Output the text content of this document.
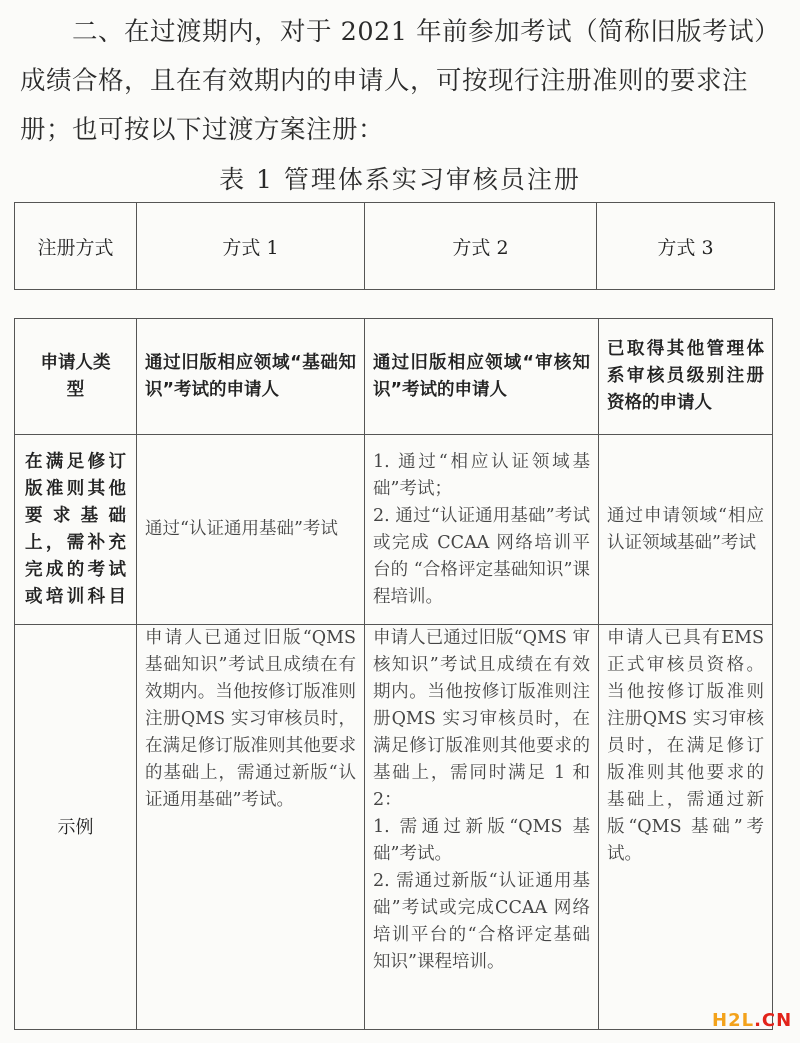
二、在过渡期内，对于 2021 年前参加考试（简称旧版考试）成绩合格，且在有效期内的申请人，可按现行注册准则的要求注册；也可按以下过渡方案注册：

表 1 管理体系实习审核员注册
注册方式	方式 1	方式 2	方式 3
申请人类型	通过旧版相应领域“基础知识”考试的申请人	通过旧版相应领域“审核知识”考试的申请人	已取得其他管理体系审核员级别注册资格的申请人
在满足修订版准则其他要求基础上，需补充完成的考试或培训科目	通过“认证通用基础”考试	1. 通过“相应认证领域基础”考试；
2. 通过“认证通用基础”考试或完成 CCAA 网络培训平台的 “合格评定基础知识”课程培训。	通过申请领域“相应认证领域基础”考试
示例	申请人已通过旧版“QMS 基础知识”考试且成绩在有效期内。当他按修订版准则注册QMS 实习审核员时，在满足修订版准则其他要求的基础上，需通过新版“认证通用基础”考试。	申请人已通过旧版“QMS 审核知识”考试且成绩在有效期内。当他按修订版准则注册QMS 实习审核员时，在满足修订版准则其他要求的基础上，需同时满足 1 和 2：
1. 需通过新版“QMS 基础”考试。
2. 需通过新版“认证通用基础”考试或完成CCAA 网络培训平台的“合格评定基础知识”课程培训。	申请人已具有EMS 正式审核员资格。当他按修订版准则注册QMS 实习审核员时，在满足修订版准则其他要求的基础上，需通过新版“QMS 基础”考试。
H2L.CN
